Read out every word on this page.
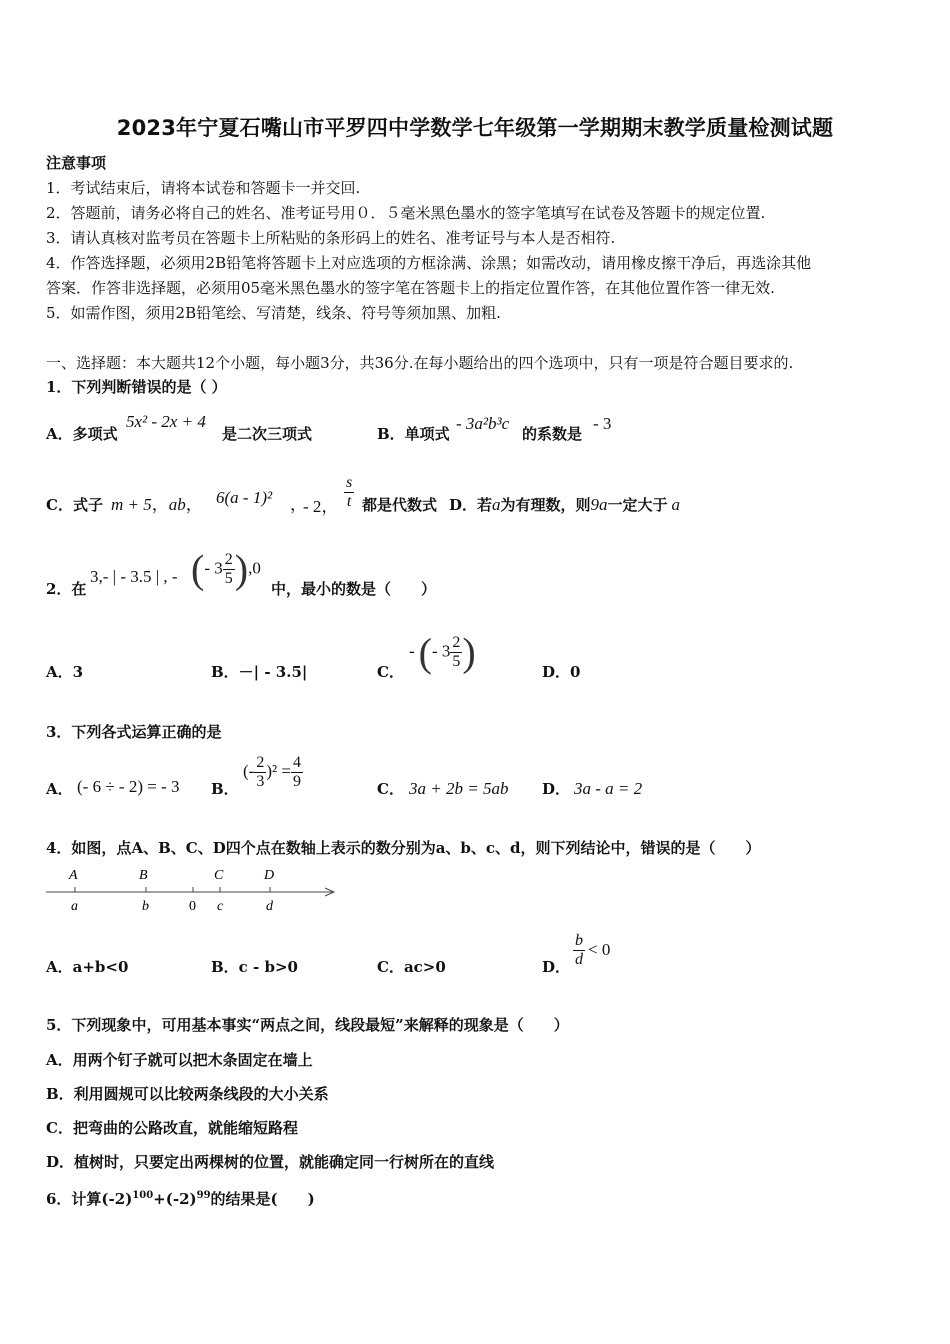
2023年宁夏石嘴山市平罗四中学数学七年级第一学期期末教学质量检测试题
注意事项
1．考试结束后，请将本试卷和答题卡一并交回.
2．答题前，请务必将自己的姓名、准考证号用０．５毫米黑色墨水的签字笔填写在试卷及答题卡的规定位置.
3．请认真核对监考员在答题卡上所粘贴的条形码上的姓名、准考证号与本人是否相符.
4．作答选择题，必须用2B铅笔将答题卡上对应选项的方框涂满、涂黑；如需改动，请用橡皮擦干净后，再选涂其他
答案．作答非选择题，必须用05毫米黑色墨水的签字笔在答题卡上的指定位置作答，在其他位置作答一律无效.
5．如需作图，须用2B铅笔绘、写清楚，线条、符号等须加黑、加粗.
一、选择题：本大题共12个小题，每小题3分，共36分.在每小题给出的四个选项中，只有一项是符合题目要求的.
1．下列判断错误的是（ ）
A．多项式
5x² - 2x + 4
是二次三项式	B．单项式
- 3a²b³c
的系数是
- 3
C．式子 m + 5，ab， 6(a - 1)² ，
- 2， $\frac{s}{t}$ 都是代数式 D．若a为有理数，则9a一定大于 a
2．在
3,- | - 3.5 | , - (- $3 \frac{2}{5} ),0$
中，最小的数是（　　）
A．3	B．－| - 3.5|	C．
- (- $3 \frac{2}{5}$ )	D．0
3．下列各式运算正确的是
A． (- 6 ÷ - 2) = - 3 B．
(- $\frac{2}{3} )^2 = \frac{4}{9}$	C． 3a + 2b = 5ab D． 3a - a = 2
4．如图，点A、B、C、D四个点在数轴上表示的数分别为a、b、c、d，则下列结论中，错误的是（　　）
A	B	C	D
a	b	0 c	d
A．a+b<0	B．c - b>0	C．ac>0	D． $\frac{b}{d} < 0$
5．下列现象中，可用基本事实“两点之间，线段最短”来解释的现象是（　　）
A．用两个钉子就可以把木条固定在墙上
B．利用圆规可以比较两条线段的大小关系
C．把弯曲的公路改直，就能缩短路程
D．植树时，只要定出两棵树的位置，就能确定同一行树所在的直线
6．计算$(-2)^{100}+(-2)^{99}$的结果是(　　)
